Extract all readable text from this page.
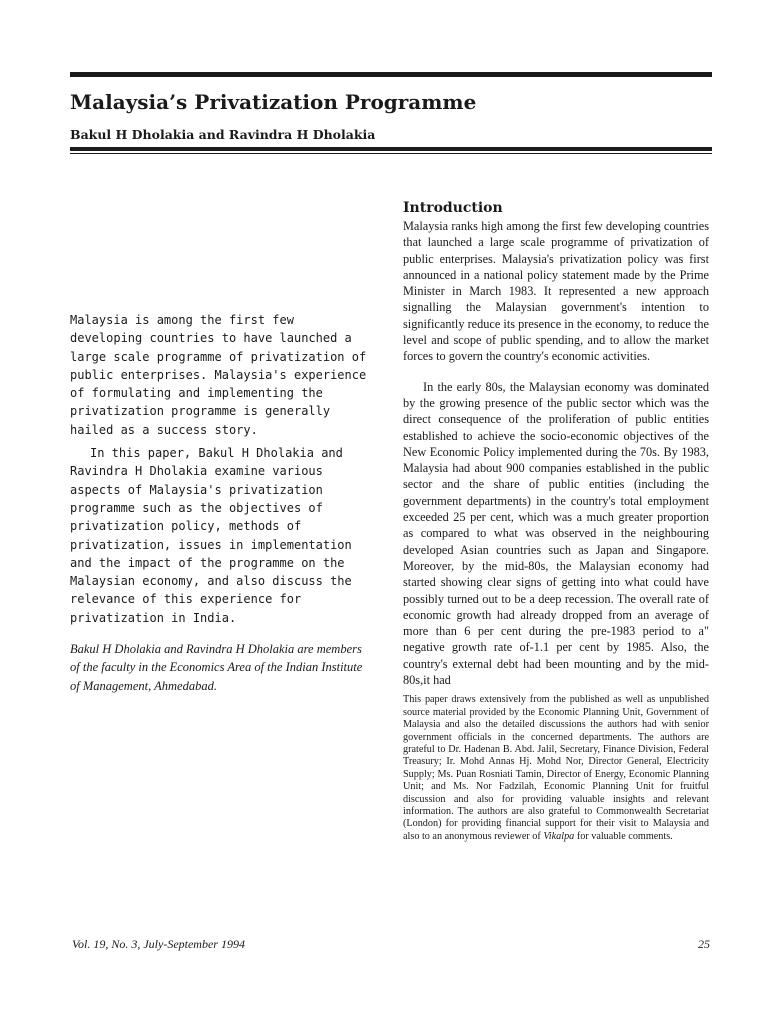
Malaysia’s Privatization Programme

Bakul H Dholakia and Ravindra H Dholakia

Malaysia is among the first few developing countries to have launched a large scale programme of privatization of public enterprises. Malaysia's experience of formulating and implementing the privatization programme is generally hailed as a success story.

In this paper, Bakul H Dholakia and Ravindra H Dholakia examine various aspects of Malaysia's privatization programme such as the objectives of privatization policy, methods of privatization, issues in implementation and the impact of the programme on the Malaysian economy, and also discuss the relevance of this experience for privatization in India.

Bakul H Dholakia and Ravindra H Dholakia are members of the faculty in the Economics Area of the Indian Institute of Management, Ahmedabad.

Introduction

Malaysia ranks high among the first few developing countries that launched a large scale programme of privatization of public enterprises. Malaysia's privatization policy was first announced in a national policy statement made by the Prime Minister in March 1983. It represented a new approach signalling the Malaysian government's intention to significantly reduce its presence in the economy, to reduce the level and scope of public spending, and to allow the market forces to govern the country's economic activities.

In the early 80s, the Malaysian economy was dominated by the growing presence of the public sector which was the direct consequence of the proliferation of public entities established to achieve the socio-economic objectives of the New Economic Policy implemented during the 70s. By 1983, Malaysia had about 900 companies established in the public sector and the share of public entities (including the government departments) in the country's total employment exceeded 25 per cent, which was a much greater proportion as compared to what was observed in the neighbouring developed Asian countries such as Japan and Singapore. Moreover, by the mid-80s, the Malaysian economy had started showing clear signs of getting into what could have possibly turned out to be a deep recession. The overall rate of economic growth had already dropped from an average of more than 6 per cent during the pre-1983 period to a" negative growth rate of-1.1 per cent by 1985. Also, the country's external debt had been mounting and by the mid-80s,it had

This paper draws extensively from the published as well as unpublished source material provided by the Economic Planning Unit, Government of Malaysia and also the detailed discussions the authors had with senior government officials in the concerned departments. The authors are grateful to Dr. Hadenan B. Abd. Jalil, Secretary, Finance Division, Federal Treasury; Ir. Mohd Annas Hj. Mohd Nor, Director General, Electricity Supply; Ms. Puan Rosniati Tamin, Director of Energy, Economic Planning Unit; and Ms. Nor Fadzilah, Economic Planning Unit for fruitful discussion and also for providing valuable insights and relevant information. The authors are also grateful to Commonwealth Secretariat (London) for providing financial support for their visit to Malaysia and also to an anonymous reviewer of Vikalpa for valuable comments.

Vol. 19, No. 3, July-September 1994	25
